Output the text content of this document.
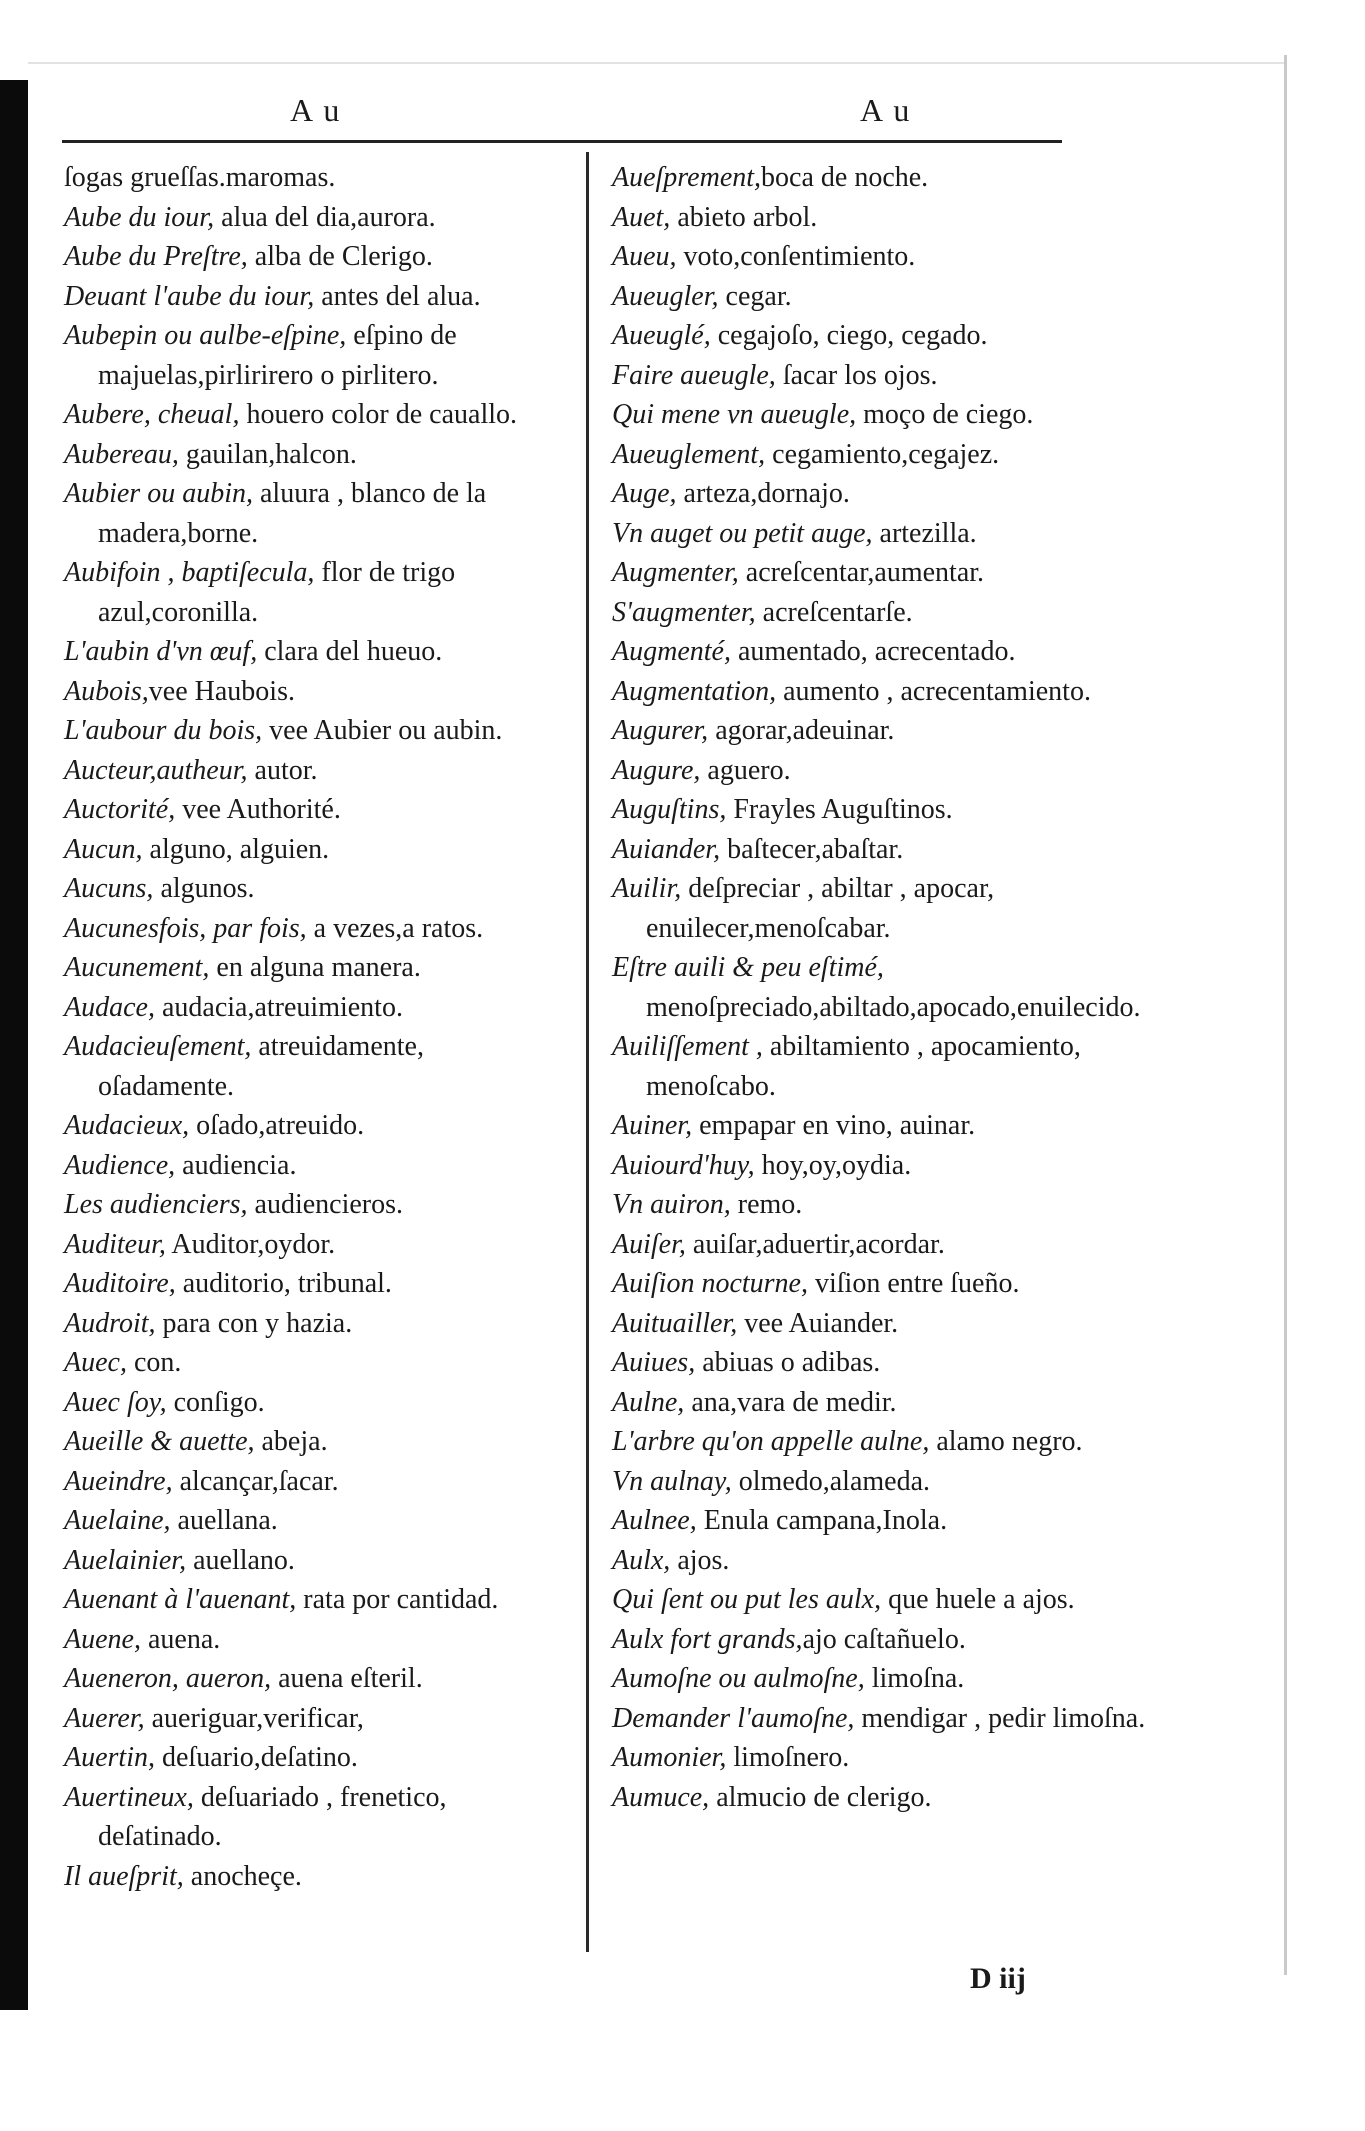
A u	A u

ſogas grueſſas.maromas.

Aube du iour, alua del dia,aurora.

Aube du Preſtre, alba de Clerigo.

Deuant l'aube du iour, antes del alua.

Aubepin ou aulbe-eſpine, eſpino de majuelas,pirlirirero o pirlitero.

Aubere, cheual, houero color de cauallo.

Aubereau, gauilan,halcon.

Aubier ou aubin, aluura , blanco de la madera,borne.

Aubifoin , baptiſecula, flor de trigo azul,coronilla.

L'aubin d'vn œuf, clara del hueuo.

Aubois,vee Haubois.

L'aubour du bois, vee Aubier ou aubin.

Aucteur,autheur, autor.

Auctorité, vee Authorité.

Aucun, alguno, alguien.

Aucuns, algunos.

Aucunesfois, par fois, a vezes,a ratos.

Aucunement, en alguna manera.

Audace, audacia,atreuimiento.

Audacieuſement, atreuidamente, oſadamente.

Audacieux, oſado,atreuido.

Audience, audiencia.

Les audienciers, audiencieros.

Auditeur, Auditor,oydor.

Auditoire, auditorio, tribunal.

Audroit, para con y hazia.

Auec, con.

Auec ſoy, conſigo.

Aueille & auette, abeja.

Aueindre, alcançar,ſacar.

Auelaine, auellana.

Auelainier, auellano.

Auenant à l'auenant, rata por cantidad.

Auene, auena.

Aueneron, aueron, auena eſteril.

Auerer, aueriguar,verificar,

Auertin, deſuario,deſatino.

Auertineux, deſuariado , frenetico, deſatinado.

Il aueſprit, anocheçe.

Aueſprement,boca de noche.

Auet, abieto arbol.

Aueu, voto,conſentimiento.

Aueugler, cegar.

Aueuglé, cegajoſo, ciego, cegado.

Faire aueugle, ſacar los ojos.

Qui mene vn aueugle, moço de ciego.

Aueuglement, cegamiento,cegajez.

Auge, arteza,dornajo.

Vn auget ou petit auge, artezilla.

Augmenter, acreſcentar,aumentar.

S'augmenter, acreſcentarſe.

Augmenté, aumentado, acrecentado.

Augmentation, aumento , acrecentamiento.

Augurer, agorar,adeuinar.

Augure, aguero.

Auguſtins, Frayles Auguſtinos.

Auiander, baſtecer,abaſtar.

Auilir, deſpreciar , abiltar , apocar, enuilecer,menoſcabar.

Eſtre auili & peu eſtimé, menoſpreciado,abiltado,apocado,enuilecido.

Auiliſſement , abiltamiento , apocamiento, menoſcabo.

Auiner, empapar en vino, auinar.

Auiourd'huy, hoy,oy,oydia.

Vn auiron, remo.

Auiſer, auiſar,aduertir,acordar.

Auiſion nocturne, viſion entre ſueño.

Auituailler, vee Auiander.

Auiues, abiuas o adibas.

Aulne, ana,vara de medir.

L'arbre qu'on appelle aulne, alamo negro.

Vn aulnay, olmedo,alameda.

Aulnee, Enula campana,Inola.

Aulx, ajos.

Qui ſent ou put les aulx, que huele a ajos.

Aulx fort grands,ajo caſtañuelo.

Aumoſne ou aulmoſne, limoſna.

Demander l'aumoſne, mendigar , pedir limoſna.

Aumonier, limoſnero.

Aumuce, almucio de clerigo.

D iij
